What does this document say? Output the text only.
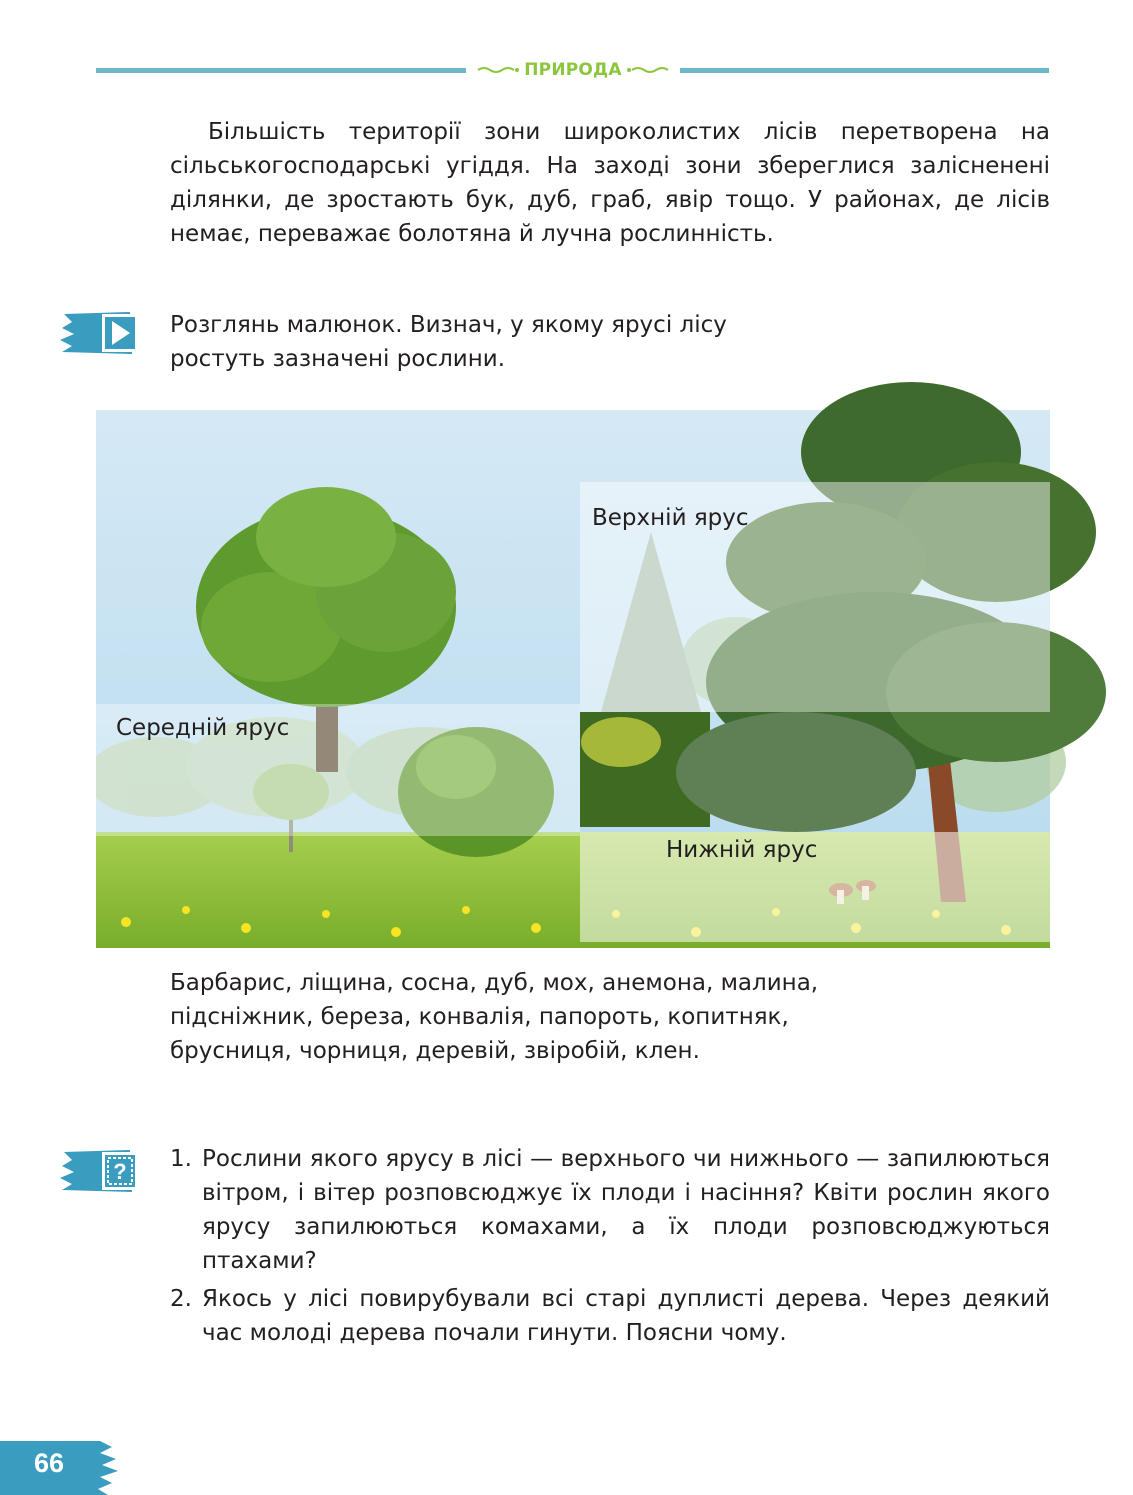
ПРИРОДА

Більшість території зони широколистих лісів перетворена на сільськогосподарські угіддя. На заході зони збереглися залісненені ділянки, де зростають бук, дуб, граб, явір тощо. У районах, де лісів немає, переважає болотяна й лучна рослинність.

Розглянь малюнок. Визнач, у якому ярусі лісу ростуть зазначені рослини.

Верхній ярус
Середній ярус
Нижній ярус

Барбарис, ліщина, сосна, дуб, мох, анемона, малина, підсніжник, береза, конвалія, папороть, копитняк, брусниця, чорниця, деревій, звіробій, клен.

? 1. Рослини якого ярусу в лісі — верхнього чи нижнього — запилюються вітром, і вітер розповсюджує їх плоди і насіння? Квіти рослин якого ярусу запилюються комахами, а їх плоди розповсюджуються птахами?
2. Якось у лісі повирубували всі старі дуплисті дерева. Через деякий час молоді дерева почали гинути. Поясни чому.
66
